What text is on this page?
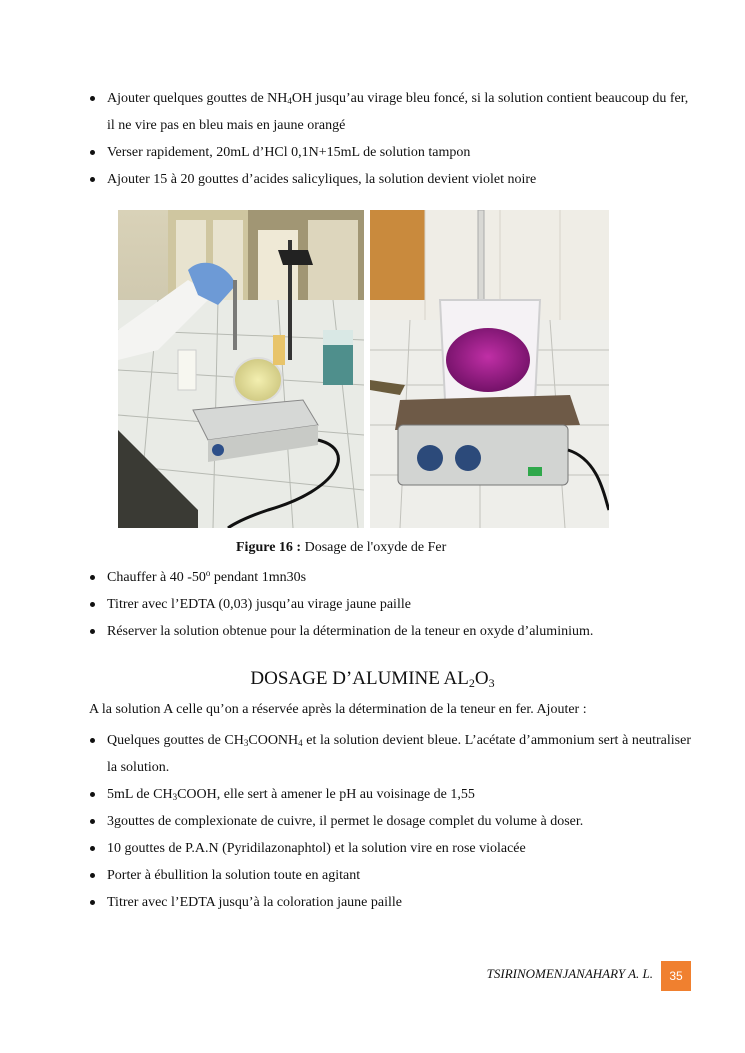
Ajouter quelques gouttes de $NH_4OH$ jusqu’au virage bleu foncé, si la solution contient beaucoup du fer, il ne vire pas en bleu mais en jaune orangé
Verser rapidement, 20mL d’HCl 0,1N+15mL de solution tampon
Ajouter 15 à 20 gouttes d’acides salicyliques, la solution devient violet noire
Figure 16 : Dosage de l'oxyde de Fer
Chauffer à 40 -50$^o$ pendant 1mn30s
Titrer avec l’EDTA (0,03) jusqu’au virage jaune paille
Réserver la solution obtenue pour la détermination de la teneur en oxyde d’aluminium.
DOSAGE D’ALUMINE $AL_2O_3$
A la solution A celle qu’on a réservée après la détermination de la teneur en fer. Ajouter :
Quelques gouttes de $CH_3COONH_4$ et la solution devient bleue. L’acétate d’ammonium sert à neutraliser la solution.
5mL de $CH_3COOH$, elle sert à amener le pH au voisinage de 1,55
3gouttes de complexionate de cuivre, il permet le dosage complet du volume à doser.
10 gouttes de P.A.N (Pyridilazonaphtol) et la solution vire en rose violacée
Porter à ébullition la solution toute en agitant
Titrer avec l’EDTA jusqu’à la coloration jaune paille
TSIRINOMENJANAHARY A. L.	35
